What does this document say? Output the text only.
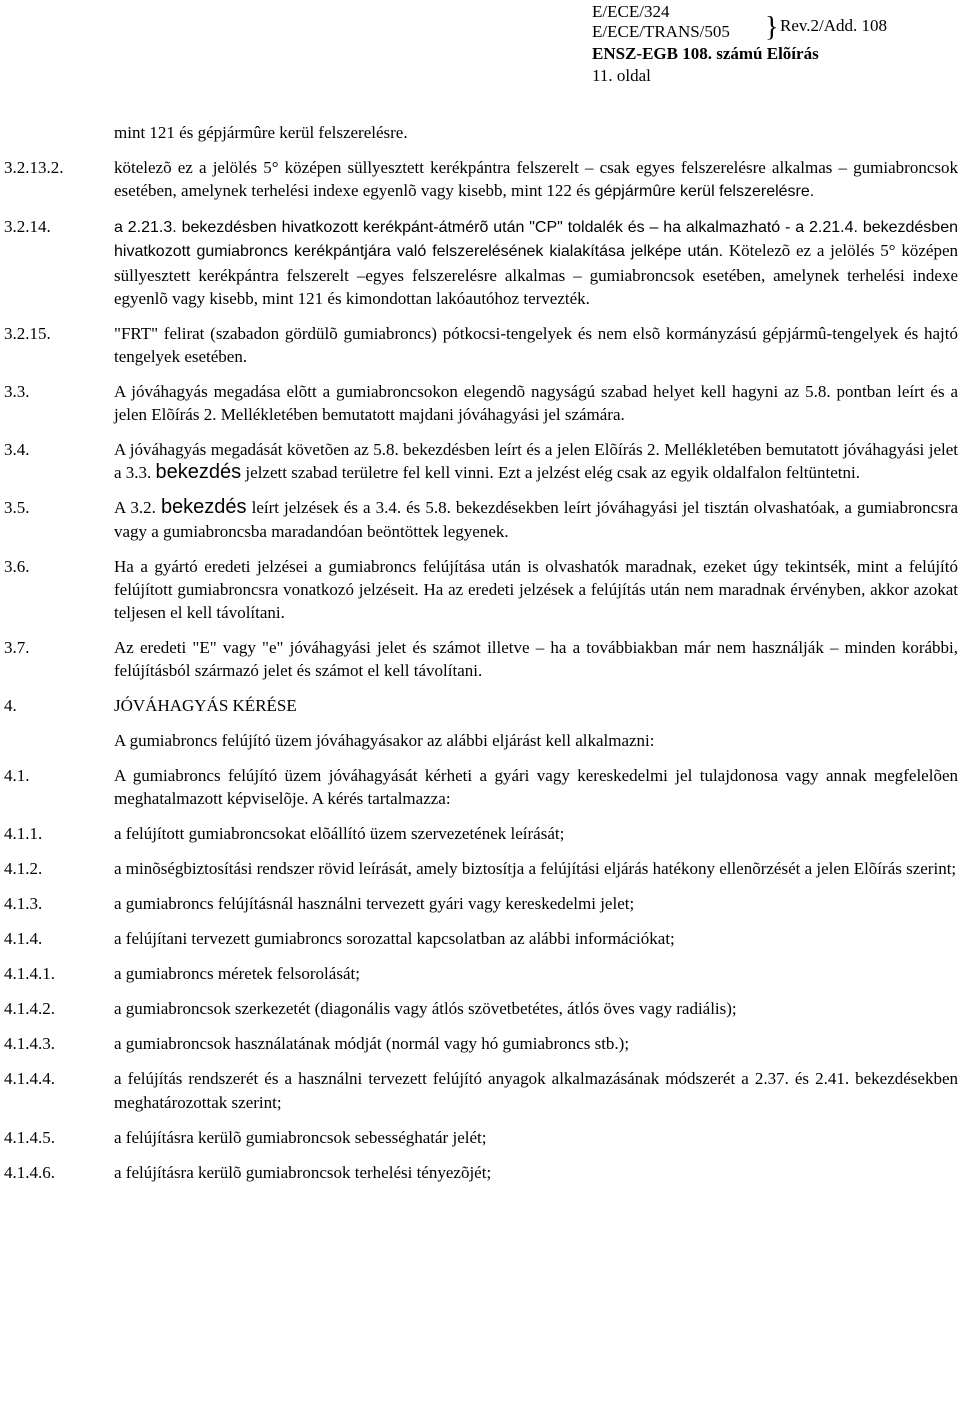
E/ECE/324
E/ECE/TRANS/505 } Rev.2/Add. 108
ENSZ-EGB 108. számú Elõírás
11. oldal
mint 121 és gépjármûre kerül felszerelésre.
3.2.13.2.	kötelezõ ez a jelölés 5° középen süllyesztett kerékpántra felszerelt – csak egyes felszerelésre alkalmas – gumiabroncsok esetében, amelynek terhelési indexe egyenlõ vagy kisebb, mint 122 és gépjármûre kerül felszerelésre.
3.2.14.	a 2.21.3. bekezdésben hivatkozott kerékpánt-átmérõ után "CP" toldalék és – ha alkalmazható - a 2.21.4. bekezdésben hivatkozott gumiabroncs kerékpántjára való felszerelésének kialakítása jelképe után. Kötelezõ ez a jelölés 5° középen süllyesztett kerékpántra felszerelt –egyes felszerelésre alkalmas – gumiabroncsok esetében, amelynek terhelési indexe egyenlõ vagy kisebb, mint 121 és kimondottan lakóautóhoz tervezték.
3.2.15.	"FRT" felirat (szabadon gördülõ gumiabroncs) pótkocsi-tengelyek és nem elsõ kormányzású gépjármû-tengelyek és hajtó tengelyek esetében.
3.3.	A jóváhagyás megadása elõtt a gumiabroncsokon elegendõ nagyságú szabad helyet kell hagyni az 5.8. pontban leírt és a jelen Elõírás 2. Mellékletében bemutatott majdani jóváhagyási jel számára.
3.4.	A jóváhagyás megadását követõen az 5.8. bekezdésben leírt és a jelen Elõírás 2. Mellékletében bemutatott jóváhagyási jelet a 3.3. bekezdés jelzett szabad területre fel kell vinni. Ezt a jelzést elég csak az egyik oldalfalon feltüntetni.
3.5.	A 3.2. bekezdés leírt jelzések és a 3.4. és 5.8. bekezdésekben leírt jóváhagyási jel tisztán olvashatóak, a gumiabroncsra vagy a gumiabroncsba maradandóan beöntöttek legyenek.
3.6.	Ha a gyártó eredeti jelzései a gumiabroncs felújítása után is olvashatók maradnak, ezeket úgy tekintsék, mint a felújító felújított gumiabroncsra vonatkozó jelzéseit. Ha az eredeti jelzések a felújítás után nem maradnak érvényben, akkor azokat teljesen el kell távolítani.
3.7.	Az eredeti "E" vagy "e" jóváhagyási jelet és számot illetve – ha a továbbiakban már nem használják – minden korábbi, felújításból származó jelet és számot el kell távolítani.
4.	JÓVÁHAGYÁS KÉRÉSE
A gumiabroncs felújító üzem jóváhagyásakor az alábbi eljárást kell alkalmazni:
4.1.	A gumiabroncs felújító üzem jóváhagyását kérheti a gyári vagy kereskedelmi jel tulajdonosa vagy annak megfelelõen meghatalmazott képviselõje. A kérés tartalmazza:
4.1.1.	a felújított gumiabroncsokat elõállító üzem szervezetének leírását;
4.1.2.	a minõségbiztosítási rendszer rövid leírását, amely biztosítja a felújítási eljárás hatékony ellenõrzését a jelen Elõírás szerint;
4.1.3.	a gumiabroncs felújításnál használni tervezett gyári vagy kereskedelmi jelet;
4.1.4.	a felújítani tervezett gumiabroncs sorozattal kapcsolatban az alábbi információkat;
4.1.4.1.	a gumiabroncs méretek felsorolását;
4.1.4.2.	a gumiabroncsok szerkezetét (diagonális vagy átlós szövetbetétes, átlós öves vagy radiális);
4.1.4.3.	a gumiabroncsok használatának módját (normál vagy hó gumiabroncs stb.);
4.1.4.4.	a felújítás rendszerét és a használni tervezett felújító anyagok alkalmazásának módszerét a 2.37. és 2.41. bekezdésekben meghatározottak szerint;
4.1.4.5.	a felújításra kerülõ gumiabroncsok sebességhatár jelét;
4.1.4.6.	a felújításra kerülõ gumiabroncsok terhelési tényezõjét;
